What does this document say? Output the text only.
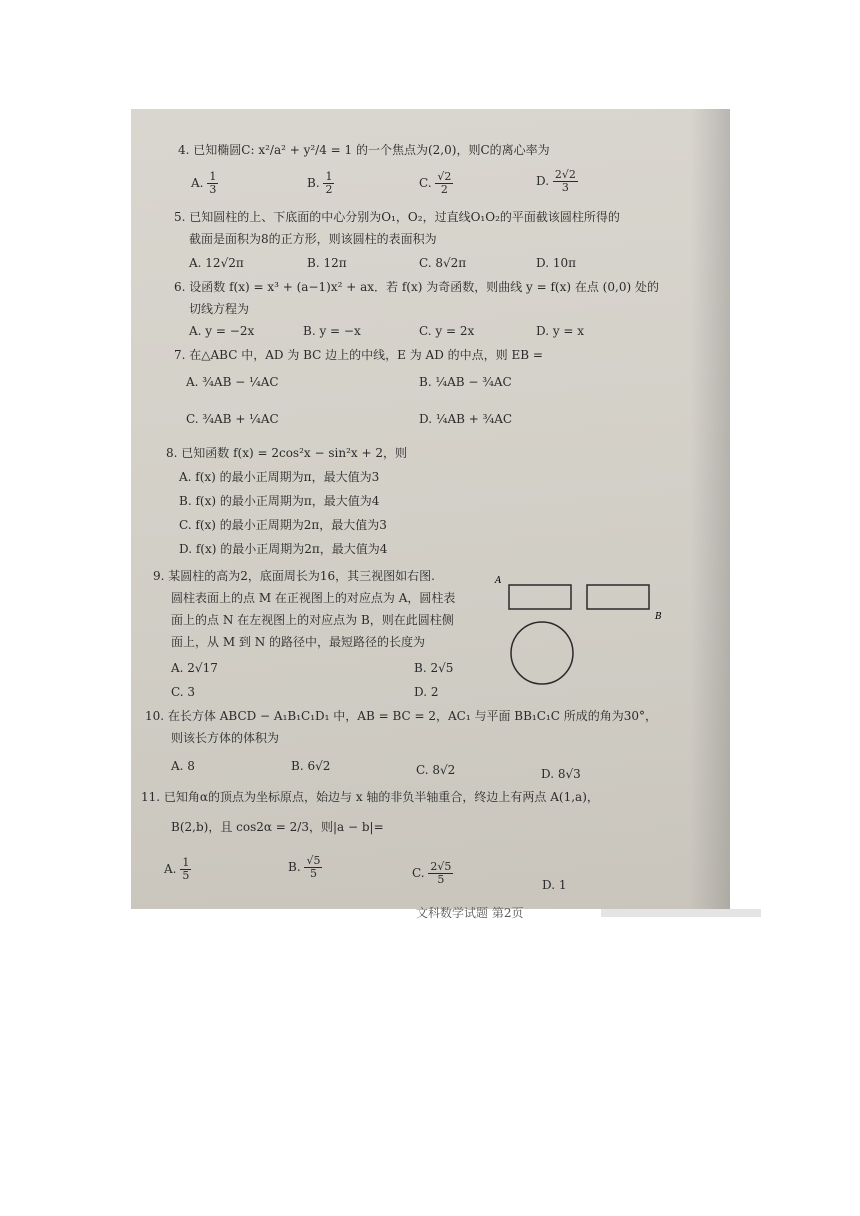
4. 已知椭圆C: x²/a² + y²/4 = 1 的一个焦点为(2,0)，则C的离心率为
A. $\frac{1}{3}$	B. $\frac{1}{2}$	C. $\frac{√2}{2}$	D. $\frac{2√2}{3}$
5. 已知圆柱的上、下底面的中心分别为O₁，O₂，过直线O₁O₂的平面截该圆柱所得的
截面是面积为8的正方形，则该圆柱的表面积为
A. 12√2π	B. 12π	C. 8√2π	D. 10π
6. 设函数 f(x) = x³ + (a−1)x² + ax．若 f(x) 为奇函数，则曲线 y = f(x) 在点 (0,0) 处的
切线方程为
A. y = −2x	B. y = −x	C. y = 2x	D. y = x
7. 在△ABC 中，AD 为 BC 边上的中线，E 为 AD 的中点，则 EB =
A. ¾AB − ¼AC	B. ¼AB − ¾AC
C. ¾AB + ¼AC	D. ¼AB + ¾AC
8. 已知函数 f(x) = 2cos²x − sin²x + 2，则
A. f(x) 的最小正周期为π，最大值为3
B. f(x) 的最小正周期为π，最大值为4
C. f(x) 的最小正周期为2π，最大值为3
D. f(x) 的最小正周期为2π，最大值为4
9. 某圆柱的高为2，底面周长为16，其三视图如右图.
圆柱表面上的点 M 在正视图上的对应点为 A，圆柱表
面上的点 N 在左视图上的对应点为 B，则在此圆柱侧
面上，从 M 到 N 的路径中，最短路径的长度为
A. 2√17	B. 2√5
C. 3	D. 2
A
B
10. 在长方体 ABCD − A₁B₁C₁D₁ 中，AB = BC = 2，AC₁ 与平面 BB₁C₁C 所成的角为30°，
则该长方体的体积为
A. 8	B. 6√2	C. 8√2	D. 8√3
11. 已知角α的顶点为坐标原点，始边与 x 轴的非负半轴重合，终边上有两点 A(1,a)，
B(2,b)，且 cos2α = 2/3，则|a − b|=
A. $\frac{1}{5}$	B. $\frac{√5}{5}$	C. $\frac{2√5}{5}$	D. 1
文科数学试题 第2页
